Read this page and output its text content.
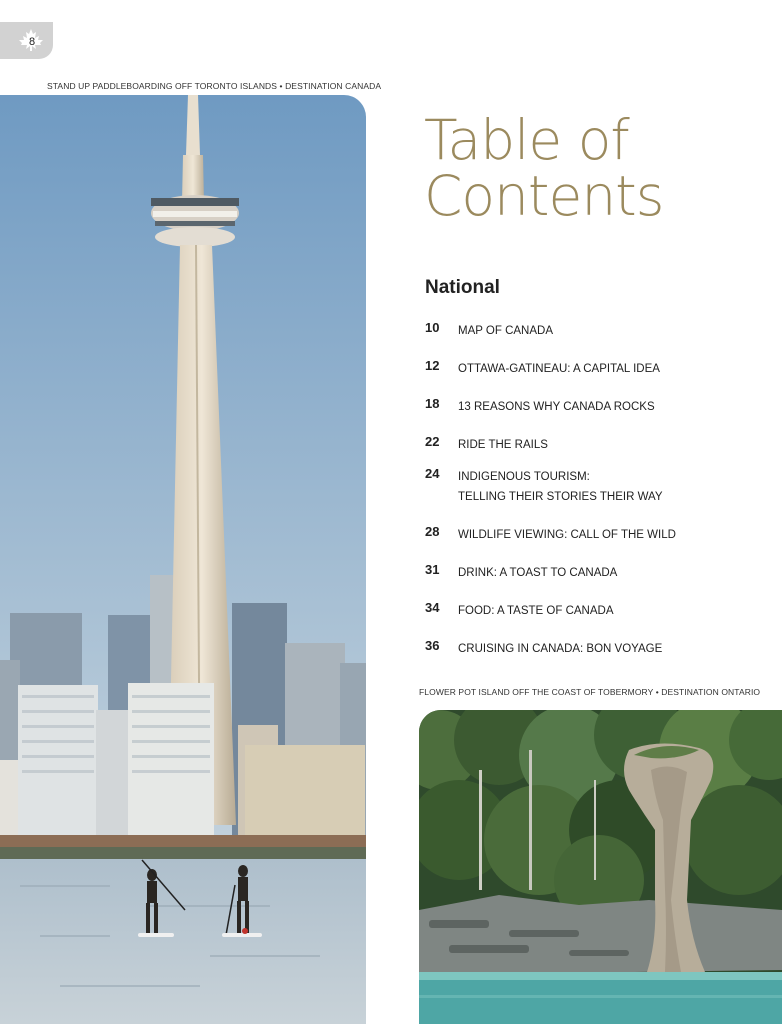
8
STAND UP PADDLEBOARDING OFF TORONTO ISLANDS • DESTINATION CANADA
Table of
Contents
National
10 MAP OF CANADA
12 OTTAWA-GATINEAU: A CAPITAL IDEA
18 13 REASONS WHY CANADA ROCKS
22 RIDE THE RAILS
24 INDIGENOUS TOURISM:
TELLING THEIR STORIES THEIR WAY
28 WILDLIFE VIEWING: CALL OF THE WILD
31 DRINK: A TOAST TO CANADA
34 FOOD: A TASTE OF CANADA
36 CRUISING IN CANADA: BON VOYAGE
FLOWER POT ISLAND OFF THE COAST OF TOBERMORY • DESTINATION ONTARIO
